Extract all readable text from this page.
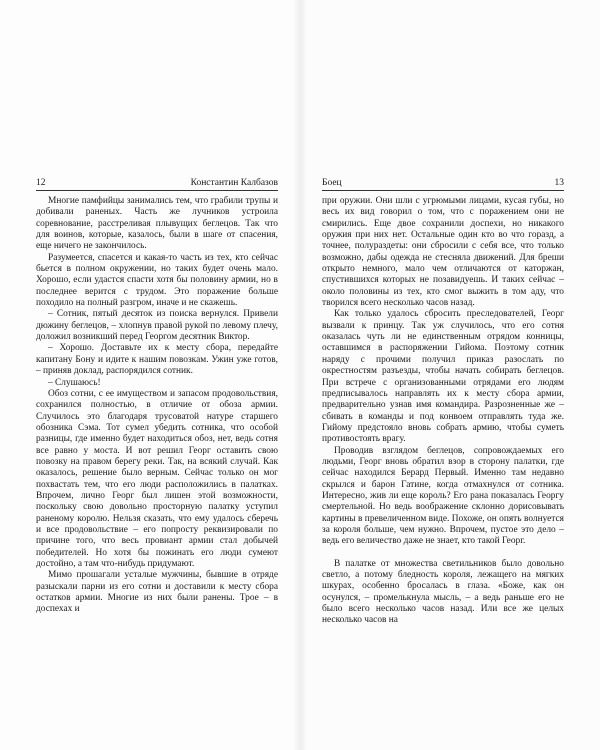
12	Константин Калбазов

Многие памфийцы занимались тем, что грабили трупы и добивали раненых. Часть же лучников устроила соревнование, расстреливая плывущих беглецов. Так что для воинов, которые, казалось, были в шаге от спасения, еще ничего не закончилось.

Разумеется, спасется и какая-то часть из тех, кто сейчас бьется в полном окружении, но таких будет очень мало. Хорошо, если удастся спасти хотя бы половину армии, но в последнее верится с трудом. Это поражение больше походило на полный разгром, иначе и не скажешь.

– Сотник, пятый десяток из поиска вернулся. Привели дюжину беглецов, – хлопнув правой рукой по левому плечу, доложил возникший перед Георгом десятник Виктор.

– Хорошо. Доставьте их к месту сбора, передайте капитану Бону и идите к нашим повозкам. Ужин уже готов, – приняв доклад, распорядился сотник.

– Слушаюсь!

Обоз сотни, с ее имуществом и запасом продовольствия, сохранился полностью, в отличие от обоза армии. Случилось это благодаря трусоватой натуре старшего обозника Сэма. Тот сумел убедить сотника, что особой разницы, где именно будет находиться обоз, нет, ведь сотня все равно у моста. И вот решил Георг оставить свою повозку на правом берегу реки. Так, на всякий случай. Как оказалось, решение было верным. Сейчас только он мог похвастать тем, что его люди расположились в палатках. Впрочем, лично Георг был лишен этой возможности, поскольку свою довольно просторную палатку уступил раненому королю. Нельзя сказать, что ему удалось сберечь и все продовольствие – его попросту реквизировали по причине того, что весь провиант армии стал добычей победителей. Но хотя бы пожинать его люди сумеют достойно, а там что-нибудь придумают.

Мимо прошагали усталые мужчины, бывшие в отряде разыскали парни из его сотни и доставили к месту сбора остатков армии. Многие из них были ранены. Трое – в доспехах и

Боец	13

при оружии. Они шли с угрюмыми лицами, кусая губы, но весь их вид говорил о том, что с поражением они не смирились. Еще двое сохранили доспехи, но никакого оружия при них нет. Остальные один кто во что горазд, а точнее, полураздеты: они сбросили с себя все, что только возможно, дабы одежда не стесняла движений. Для бреши открыто немного, мало чем отличаются от каторжан, спустившихся которых не позавидуешь. И таких сейчас – около половины из тех, кто смог выжить в том аду, что творился всего несколько часов назад.

Как только удалось сбросить преследователей, Георг вызвали к принцу. Так уж случилось, что его сотня оказалась чуть ли не единственным отрядом конницы, оставшимся в распоряжении Гийома. Поэтому сотник наряду с прочими получил приказ разослать по окрестностям разъезды, чтобы начать собирать беглецов. При встрече с организованными отрядами его людям предписывалось направлять их к месту сбора армии, предварительно узнав имя командира. Разрозненные же – сбивать в команды и под конвоем отправлять туда же. Гийому предстояло вновь собрать армию, чтобы суметь противостоять врагу.

Проводив взглядом беглецов, сопровождаемых его людьми, Георг вновь обратил взор в сторону палатки, где сейчас находился Берард Первый. Именно там недавно скрылся и барон Гатине, когда отмахнулся от сотника. Интересно, жив ли еще король? Его рана показалась Георгу смертельной. Но ведь воображение склонно дорисовывать картины в превеличенном виде. Похоже, он опять волнуется за короля больше, чем нужно. Впрочем, пустое это дело – ведь его величество даже не знает, кто такой Георг.

В палатке от множества светильников было довольно светло, а потому бледность короля, лежащего на мягких шкурах, особенно бросалась в глаза. «Боже, как он осунулся, – промелькнула мысль, – а ведь раньше его не было всего несколько часов назад. Или все же целых несколько часов на
